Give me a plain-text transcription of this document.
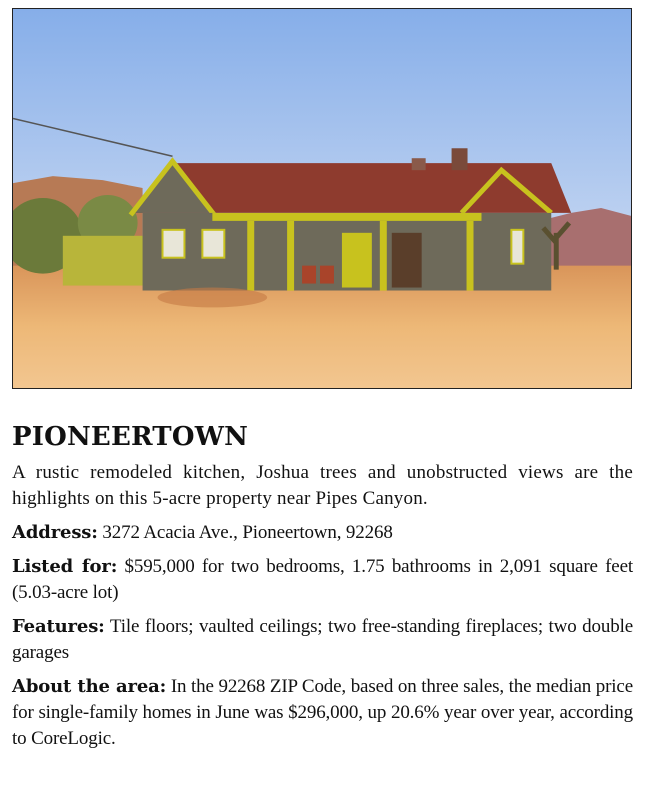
PIONEERTOWN

A rustic remodeled kitchen, Joshua trees and unobstructed views are the highlights on this 5-acre property near Pipes Canyon.

Address: 3272 Acacia Ave., Pioneertown, 92268

Listed for: $595,000 for two bedrooms, 1.75 bathrooms in 2,091 square feet (5.03-acre lot)

Features: Tile floors; vaulted ceilings; two free-standing fireplaces; two double garages

About the area: In the 92268 ZIP Code, based on three sales, the median price for single-family homes in June was $296,000, up 20.6% year over year, according to CoreLogic.
